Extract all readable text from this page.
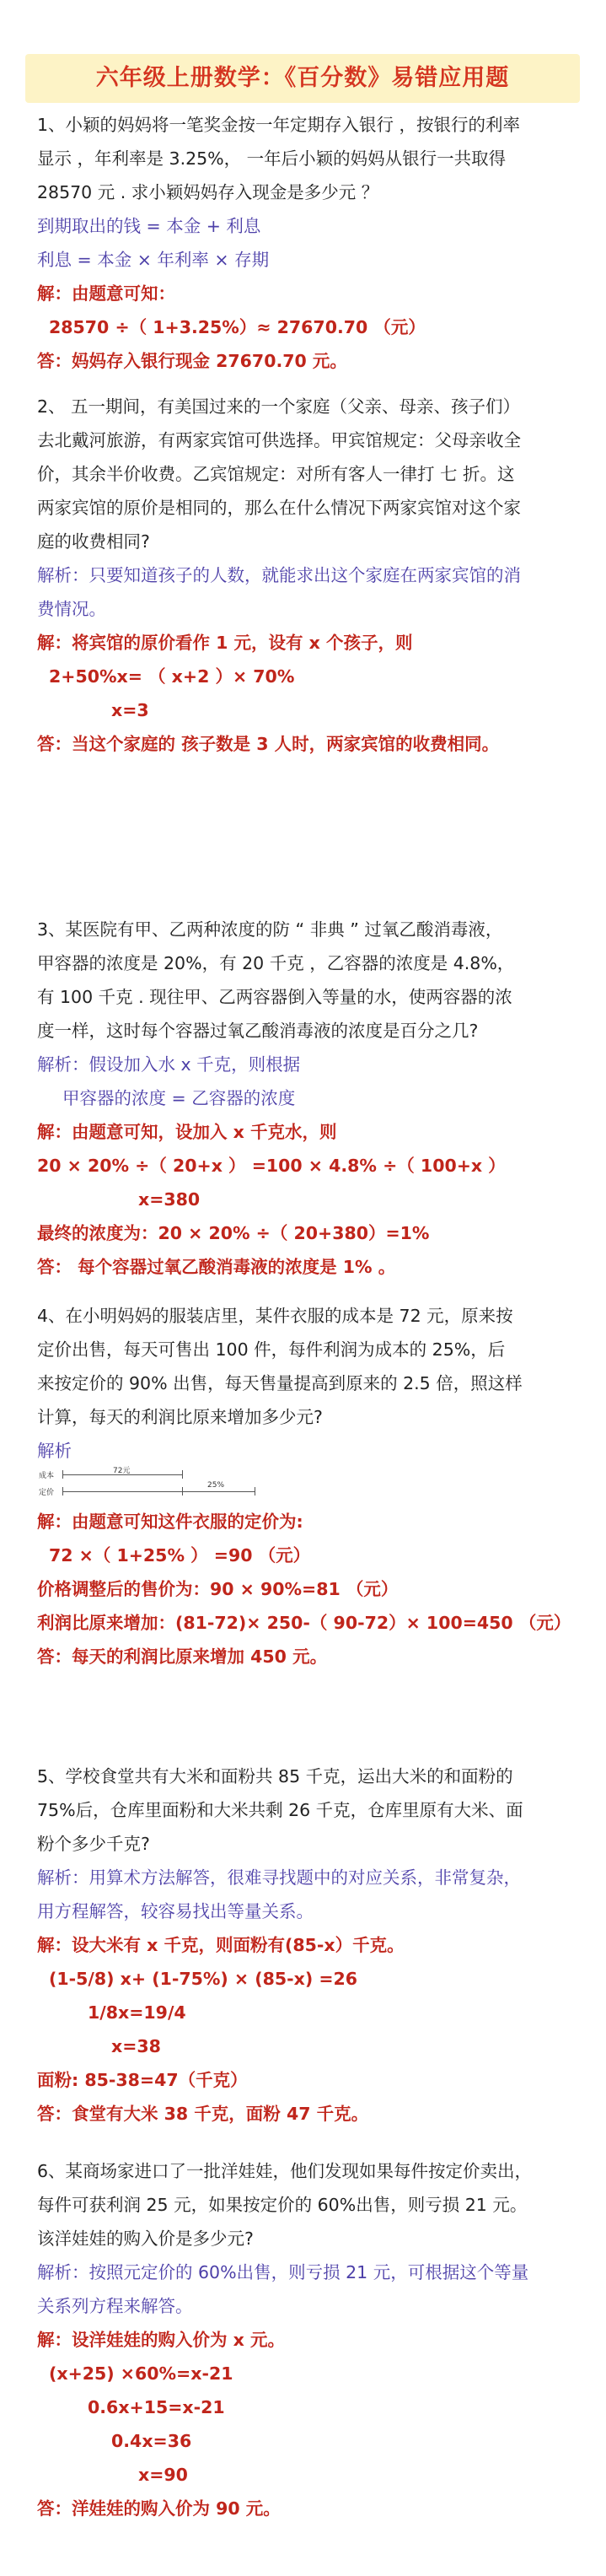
六年级上册数学：《百分数》易错应用题
1、小颖的妈妈将一笔奖金按一年定期存入银行 ，按银行的利率
显示 ，年利率是 3.25%， 一年后小颖的妈妈从银行一共取得
28570 元 . 求小颖妈妈存入现金是多少元 ？
到期取出的钱 = 本金 + 利息
利息 = 本金 × 年利率 × 存期
解：由题意可知：
28570 ÷（ 1+3.25%）≈ 27670.70 （元）
答：妈妈存入银行现金 27670.70 元。
2、 五一期间，有美国过来的一个家庭（父亲、母亲、孩子们）
去北戴河旅游，有两家宾馆可供选择。甲宾馆规定：父母亲收全
价，其余半价收费。乙宾馆规定：对所有客人一律打 七 折。这
两家宾馆的原价是相同的，那么在什么情况下两家宾馆对这个家
庭的收费相同?
解析：只要知道孩子的人数，就能求出这个家庭在两家宾馆的消
费情况。
解：将宾馆的原价看作 1 元，设有 x 个孩子，则
2+50%x= （ x+2 ）× 70%
x=3
答：当这个家庭的 孩子数是 3 人时，两家宾馆的收费相同。
3、某医院有甲、乙两种浓度的防 “ 非典 ” 过氧乙酸消毒液，
甲容器的浓度是 20%，有 20 千克 ，乙容器的浓度是 4.8%，
有 100 千克 . 现往甲、乙两容器倒入等量的水，使两容器的浓
度一样，这时每个容器过氧乙酸消毒液的浓度是百分之几?
解析：假设加入水 x 千克，则根据
甲容器的浓度 = 乙容器的浓度
解：由题意可知，设加入 x 千克水，则
20 × 20% ÷（ 20+x ） =100 × 4.8% ÷（ 100+x ）
x=380
最终的浓度为：20 × 20% ÷（ 20+380）=1%
答： 每个容器过氧乙酸消毒液的浓度是 1% 。
4、在小明妈妈的服装店里，某件衣服的成本是 72 元，原来按
定价出售，每天可售出 100 件，每件利润为成本的 25%，后
来按定价的 90% 出售，每天售量提高到原来的 2.5 倍，照这样
计算，每天的利润比原来增加多少元?
解析
成本
定价
72元
25%
解：由题意可知这件衣服的定价为:
72 ×（ 1+25% ） =90 （元）
价格调整后的售价为：90 × 90%=81 （元）
利润比原来增加：(81-72)× 250-（ 90-72）× 100=450 （元）
答：每天的利润比原来增加 450 元。
5、学校食堂共有大米和面粉共 85 千克，运出大米的和面粉的
75%后，仓库里面粉和大米共剩 26 千克，仓库里原有大米、面
粉个多少千克?
解析：用算术方法解答，很难寻找题中的对应关系，非常复杂，
用方程解答，较容易找出等量关系。
解：设大米有 x 千克，则面粉有(85-x）千克。
(1-5/8) x+ (1-75%) × (85-x) =26
1/8x=19/4
x=38
面粉: 85-38=47（千克）
答：食堂有大米 38 千克，面粉 47 千克。
6、某商场家进口了一批洋娃娃，他们发现如果每件按定价卖出，
每件可获利润 25 元，如果按定价的 60%出售，则亏损 21 元。
该洋娃娃的购入价是多少元?
解析：按照元定价的 60%出售，则亏损 21 元，可根据这个等量
关系列方程来解答。
解：设洋娃娃的购入价为 x 元。
(x+25) ×60%=x-21
0.6x+15=x-21
0.4x=36
x=90
答：洋娃娃的购入价为 90 元。
